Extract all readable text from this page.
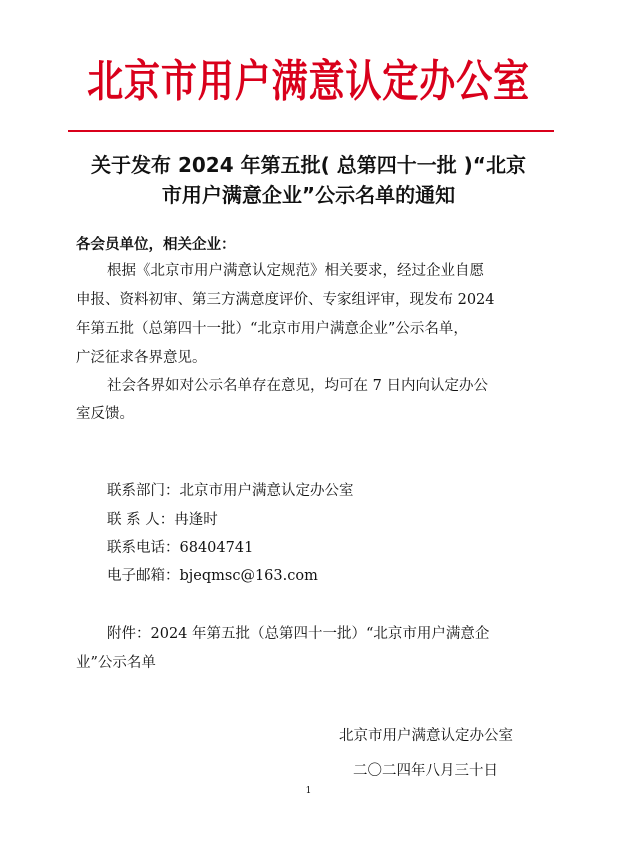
北京市用户满意认定办公室
关于发布 2024 年第五批( 总第四十一批 )“北京
市用户满意企业”公示名单的通知
各会员单位，相关企业：
根据《北京市用户满意认定规范》相关要求，经过企业自愿
申报、资料初审、第三方满意度评价、专家组评审，现发布 2024
年第五批（总第四十一批）“北京市用户满意企业”公示名单，
广泛征求各界意见。
社会各界如对公示名单存在意见，均可在 7 日内向认定办公
室反馈。
联系部门：北京市用户满意认定办公室
联 系 人：冉逢时
联系电话：68404741
电子邮箱：bjeqmsc@163.com
附件：2024 年第五批（总第四十一批）“北京市用户满意企
业”公示名单
北京市用户满意认定办公室
二〇二四年八月三十日
1
